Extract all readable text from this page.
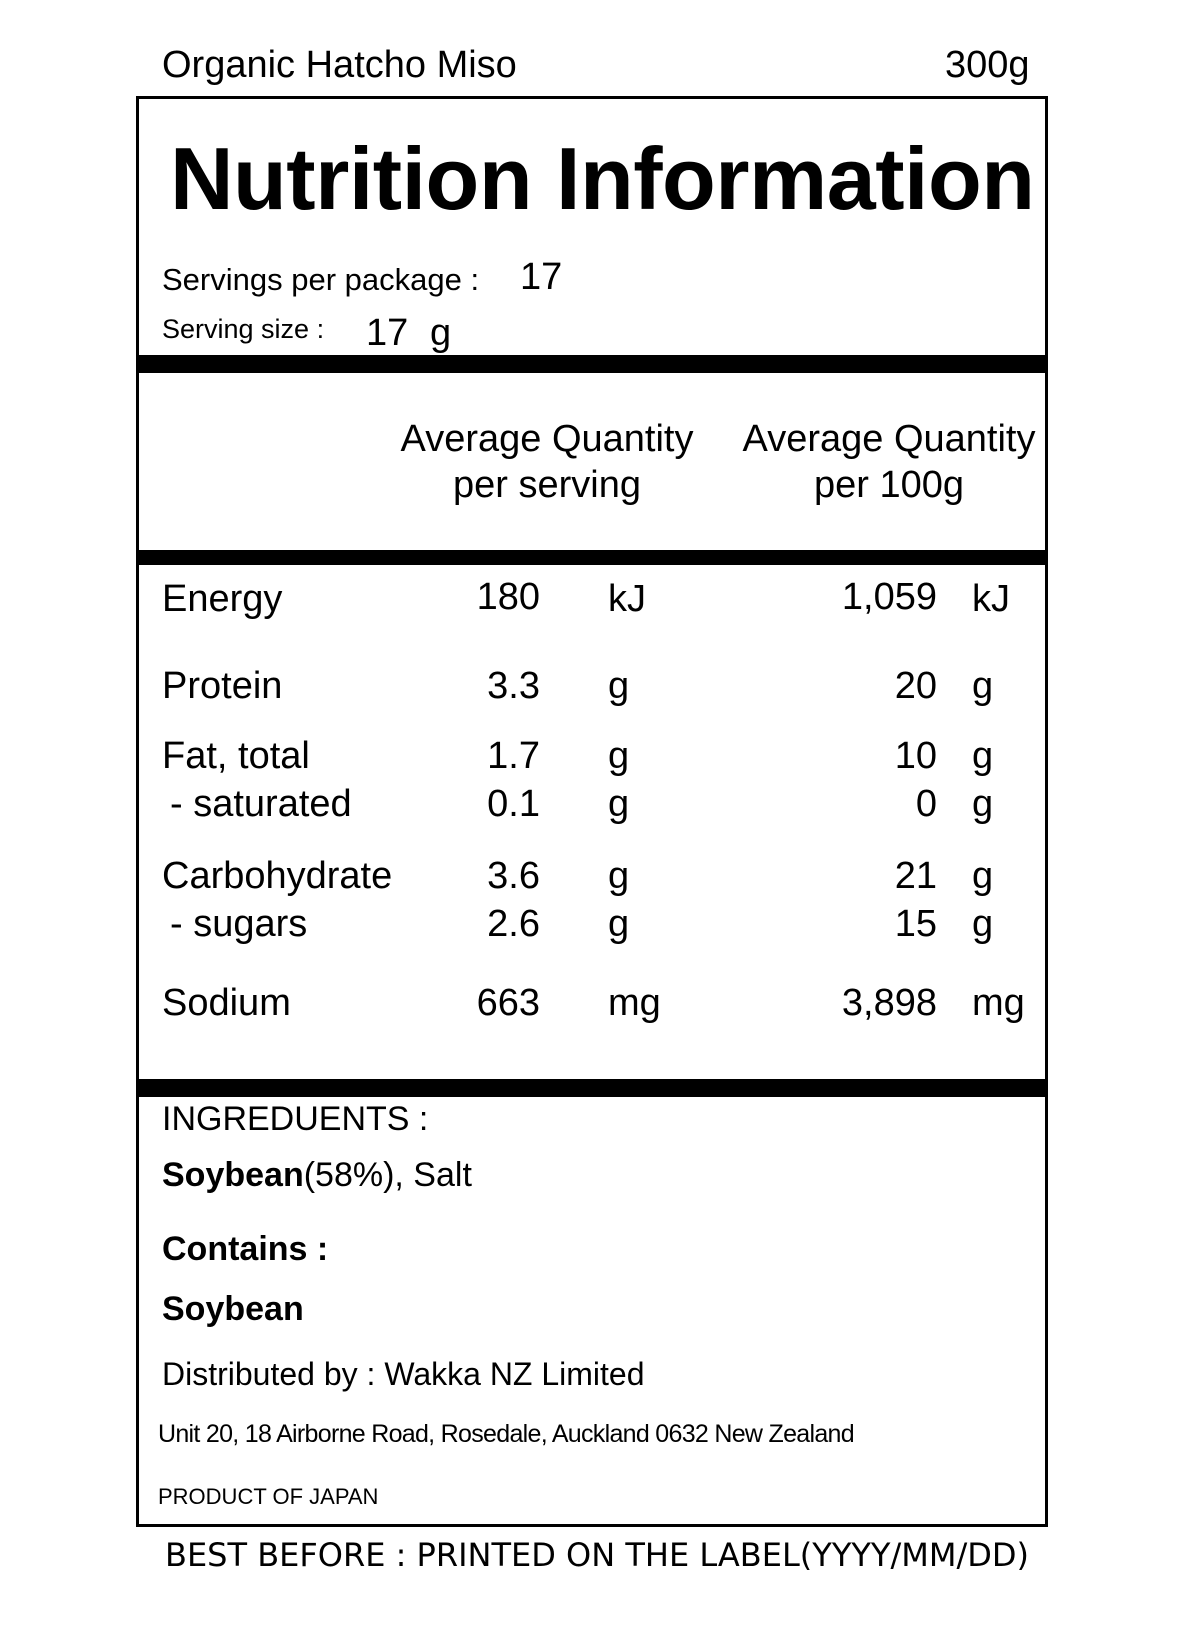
Organic Hatcho Miso	300g
Nutrition Information
Servings per package : 17
Serving size : 17 g
Average Quantity
per serving
Average Quantity
per 100g
Energy	180 kJ	1,059 kJ
Protein	3.3 g	20 g
Fat, total	1.7 g	10 g
- saturated	0.1 g	0 g
Carbohydrate	3.6 g	21 g
- sugars	2.6 g	15 g
Sodium	663 mg	3,898 mg
INGREDUENTS :
Soybean(58%), Salt
Contains :
Soybean
Distributed by : Wakka NZ Limited
Unit 20, 18 Airborne Road, Rosedale, Auckland 0632 New Zealand
PRODUCT OF JAPAN
BEST BEFORE : PRINTED ON THE LABEL(YYYY/MM/DD)
